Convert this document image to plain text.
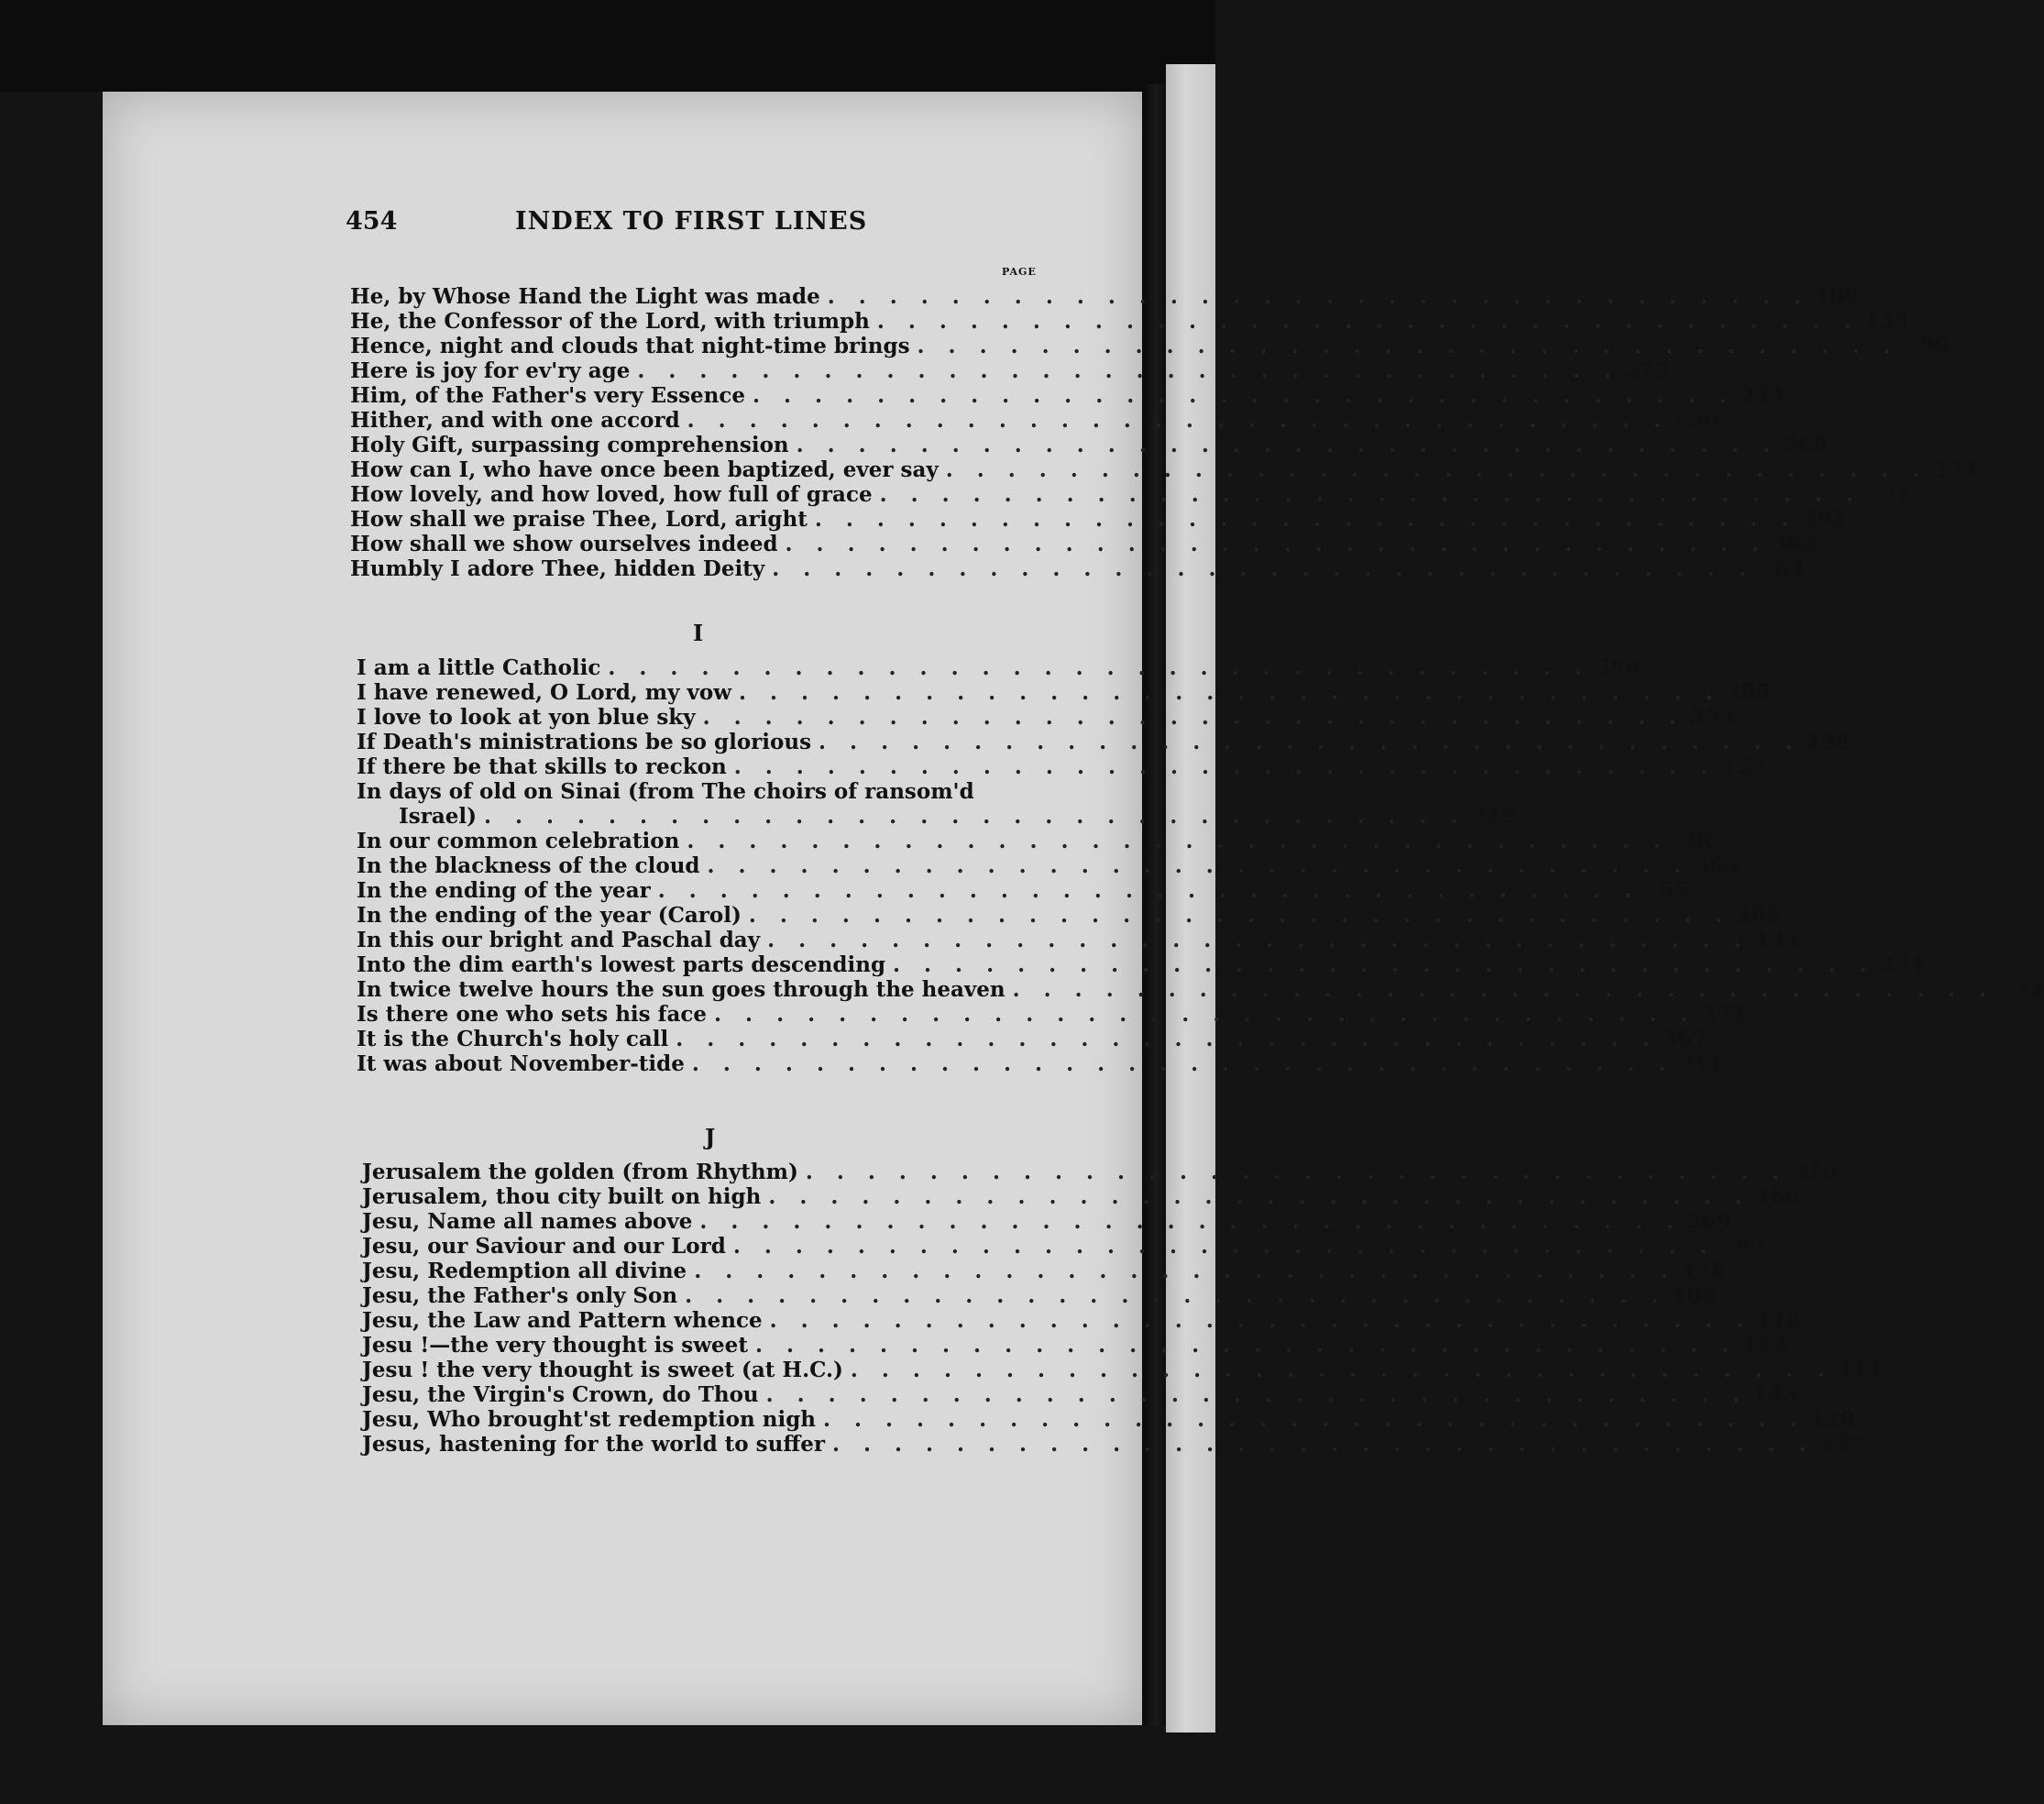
454	INDEX TO FIRST LINES
PAGE
He, by Whose Hand the Light was made . . . . . . . . . . . . . . . . . . . . . . . . . . . . . . . . 108
He, the Confessor of the Lord, with triumph . . . . . . . . . . . . . . . . . . . . . . . . . . . . . . . . 138
Hence, night and clouds that night-time brings . . . . . . . . . . . . . . . . . . . . . . . . . . . . . . . . 90
Here is joy for ev'ry age . . . . . . . . . . . . . . . . . . . . . . . . . . . . . . . . 279
Him, of the Father's very Essence . . . . . . . . . . . . . . . . . . . . . . . . . . . . . . . . 243
Hither, and with one accord . . . . . . . . . . . . . . . . . . . . . . . . . . . . . . . . 250
Holy Gift, surpassing comprehension . . . . . . . . . . . . . . . . . . . . . . . . . . . . . . . . 268
How can I, who have once been baptized, ever say . . . . . . . . . . . . . . . . . . . . . . . . . . . . . . . . 324
How lovely, and how loved, how full of grace . . . . . . . . . . . . . . . . . . . . . . . . . . . . . . . . 51
How shall we praise Thee, Lord, aright . . . . . . . . . . . . . . . . . . . . . . . . . . . . . . . . 392
How shall we show ourselves indeed . . . . . . . . . . . . . . . . . . . . . . . . . . . . . . . . 365
Humbly I adore Thee, hidden Deity . . . . . . . . . . . . . . . . . . . . . . . . . . . . . . . . 63
I
I am a little Catholic . . . . . . . . . . . . . . . . . . . . . . . . . . . . . . . . 398
I have renewed, O Lord, my vow . . . . . . . . . . . . . . . . . . . . . . . . . . . . . . . . 389
I love to look at yon blue sky . . . . . . . . . . . . . . . . . . . . . . . . . . . . . . . . 323
If Death's ministrations be so glorious . . . . . . . . . . . . . . . . . . . . . . . . . . . . . . . . 428
If there be that skills to reckon . . . . . . . . . . . . . . . . . . . . . . . . . . . . . . . . 157
In days of old on Sinai (from The choirs of ransom'd
Israel) . . . . . . . . . . . . . . . . . . . . . . . . . . . . . . . . 249
In our common celebration . . . . . . . . . . . . . . . . . . . . . . . . . . . . . . . . 86
In the blackness of the cloud . . . . . . . . . . . . . . . . . . . . . . . . . . . . . . . . 363
In the ending of the year . . . . . . . . . . . . . . . . . . . . . . . . . . . . . . . . 55
In the ending of the year (Carol) . . . . . . . . . . . . . . . . . . . . . . . . . . . . . . . . 285
In this our bright and Paschal day . . . . . . . . . . . . . . . . . . . . . . . . . . . . . . . . 135
Into the dim earth's lowest parts descending . . . . . . . . . . . . . . . . . . . . . . . . . . . . . . . . 234
In twice twelve hours the sun goes through the heaven . . . . . . . . . . . . . . . . . . . . . . . . . . . . . . . . 32
Is there one who sets his face . . . . . . . . . . . . . . . . . . . . . . . . . . . . . . . . 373
It is the Church's holy call . . . . . . . . . . . . . . . . . . . . . . . . . . . . . . . . 367
It was about November-tide . . . . . . . . . . . . . . . . . . . . . . . . . . . . . . . . 311
J
Jerusalem the golden (from Rhythm) . . . . . . . . . . . . . . . . . . . . . . . . . . . . . . . . 210
Jerusalem, thou city built on high . . . . . . . . . . . . . . . . . . . . . . . . . . . . . . . . 168
Jesu, Name all names above . . . . . . . . . . . . . . . . . . . . . . . . . . . . . . . . 269
Jesu, our Saviour and our Lord . . . . . . . . . . . . . . . . . . . . . . . . . . . . . . . . 95
Jesu, Redemption all divine . . . . . . . . . . . . . . . . . . . . . . . . . . . . . . . . 128
Jesu, the Father's only Son . . . . . . . . . . . . . . . . . . . . . . . . . . . . . . . . 106
Jesu, the Law and Pattern whence . . . . . . . . . . . . . . . . . . . . . . . . . . . . . . . . 118
Jesu !—the very thought is sweet . . . . . . . . . . . . . . . . . . . . . . . . . . . . . . . . 112
Jesu ! the very thought is sweet (at H.C.) . . . . . . . . . . . . . . . . . . . . . . . . . . . . . . . . 114
Jesu, the Virgin's Crown, do Thou . . . . . . . . . . . . . . . . . . . . . . . . . . . . . . . . 143
Jesu, Who brought'st redemption nigh . . . . . . . . . . . . . . . . . . . . . . . . . . . . . . . . 120
Jesus, hastening for the world to suffer . . . . . . . . . . . . . . . . . . . . . . . . . . . . . . . . 227
